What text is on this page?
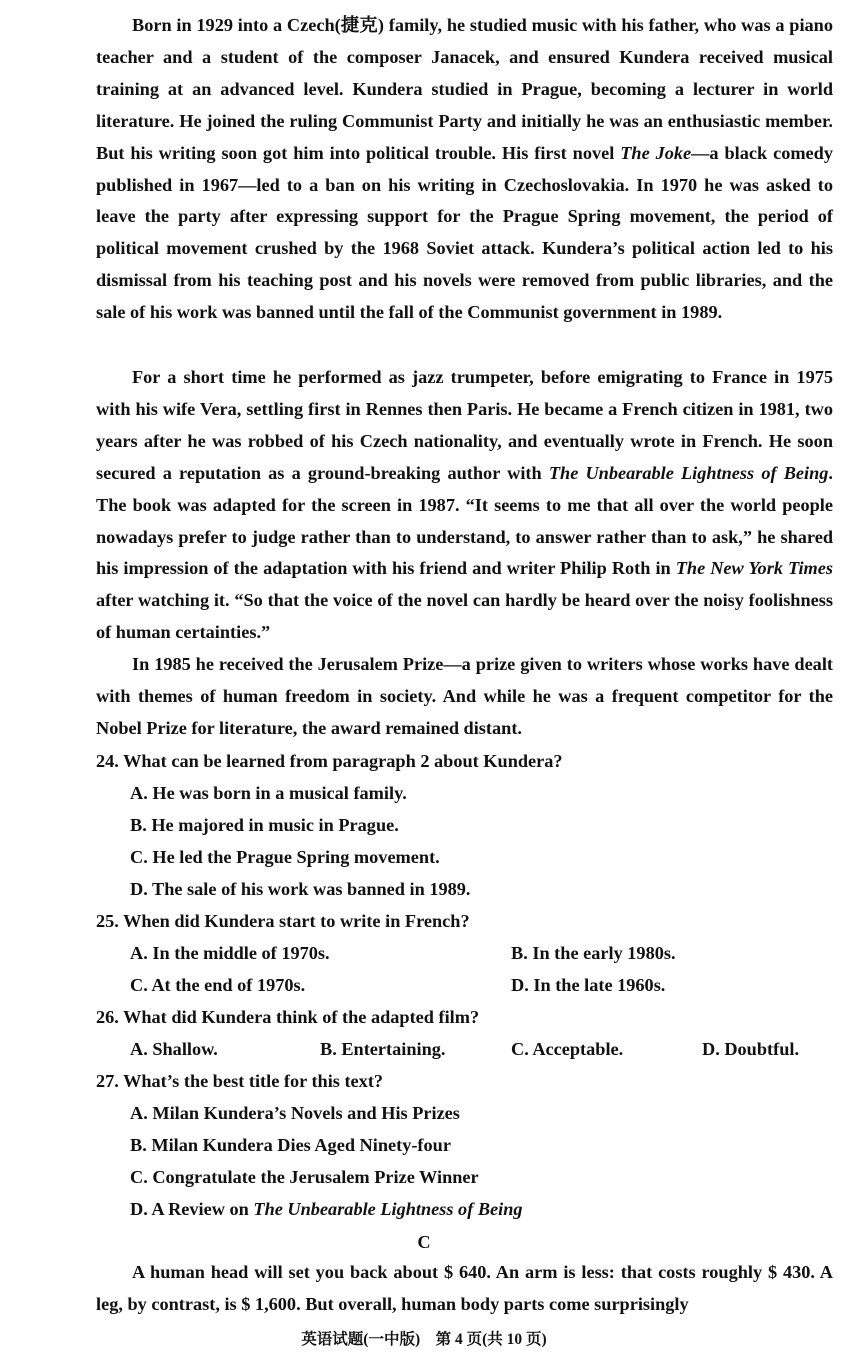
Born in 1929 into a Czech(捷克) family, he studied music with his father, who was a piano teacher and a student of the composer Janacek, and ensured Kundera received musical training at an advanced level. Kundera studied in Prague, becoming a lecturer in world literature. He joined the ruling Communist Party and initially he was an enthusiastic member. But his writing soon got him into political trouble. His first novel The Joke—a black comedy published in 1967—led to a ban on his writing in Czechoslovakia. In 1970 he was asked to leave the party after expressing support for the Prague Spring movement, the period of political movement crushed by the 1968 Soviet attack. Kundera’s political action led to his dismissal from his teaching post and his novels were removed from public libraries, and the sale of his work was banned until the fall of the Communist government in 1989.

For a short time he performed as jazz trumpeter, before emigrating to France in 1975 with his wife Vera, settling first in Rennes then Paris. He became a French citizen in 1981, two years after he was robbed of his Czech nationality, and eventually wrote in French. He soon secured a reputation as a ground-breaking author with The Unbearable Lightness of Being. The book was adapted for the screen in 1987. “It seems to me that all over the world people nowadays prefer to judge rather than to understand, to answer rather than to ask,” he shared his impression of the adaptation with his friend and writer Philip Roth in The New York Times after watching it. “So that the voice of the novel can hardly be heard over the noisy foolishness of human certainties.”

In 1985 he received the Jerusalem Prize—a prize given to writers whose works have dealt with themes of human freedom in society. And while he was a frequent competitor for the Nobel Prize for literature, the award remained distant.

24. What can be learned from paragraph 2 about Kundera?
A. He was born in a musical family.
B. He majored in music in Prague.
C. He led the Prague Spring movement.
D. The sale of his work was banned in 1989.
25. When did Kundera start to write in French?
A. In the middle of 1970s.	B. In the early 1980s.
C. At the end of 1970s.	D. In the late 1960s.
26. What did Kundera think of the adapted film?
A. Shallow.	B. Entertaining.	C. Acceptable.	D. Doubtful.
27. What’s the best title for this text?
A. Milan Kundera’s Novels and His Prizes
B. Milan Kundera Dies Aged Ninety-four
C. Congratulate the Jerusalem Prize Winner
D. A Review on The Unbearable Lightness of Being
C

A human head will set you back about $ 640. An arm is less: that costs roughly $ 430. A leg, by contrast, is $ 1,600. But overall, human body parts come surprisingly

英语试题(一中版)　第 4 页(共 10 页)
